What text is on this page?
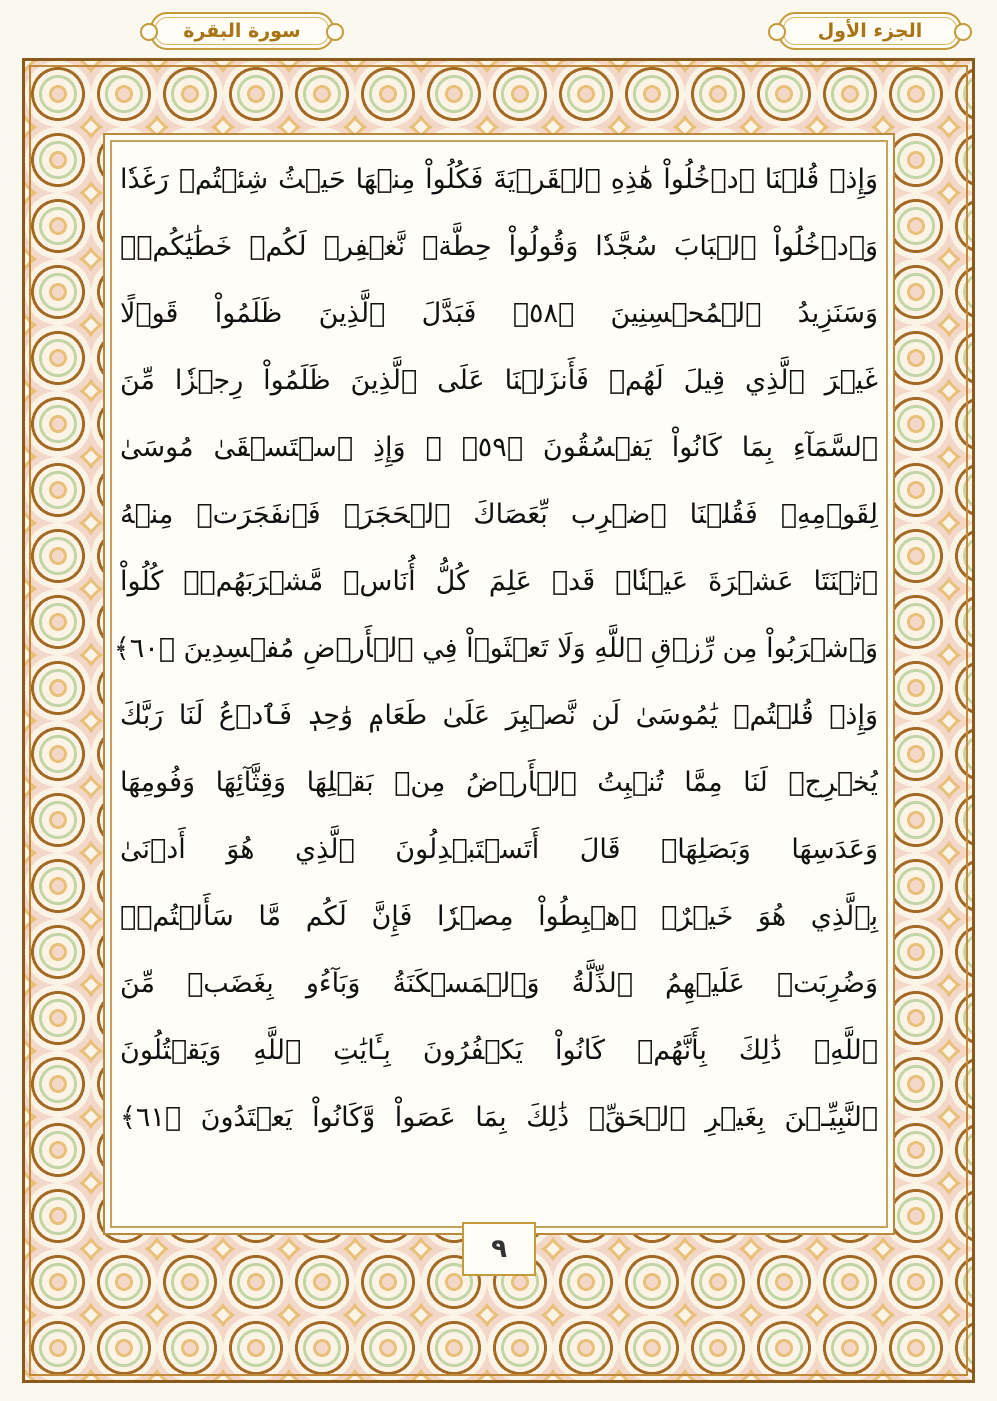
الجزء الأول
سورة البقرة
وَإِذۡ قُلۡنَا ٱدۡخُلُواْ هَٰذِهِ ٱلۡقَرۡيَةَ فَكُلُواْ مِنۡهَا حَيۡثُ شِئۡتُمۡ رَغَدٗا
وَٱدۡخُلُواْ ٱلۡبَابَ سُجَّدٗا وَقُولُواْ حِطَّةٞ نَّغۡفِرۡ لَكُمۡ خَطَٰيَٰكُمۡۚ
وَسَنَزِيدُ ٱلۡمُحۡسِنِينَ ﴿٥٨﴾ فَبَدَّلَ ٱلَّذِينَ ظَلَمُواْ قَوۡلًا
غَيۡرَ ٱلَّذِي قِيلَ لَهُمۡ فَأَنزَلۡنَا عَلَى ٱلَّذِينَ ظَلَمُواْ رِجۡزٗا مِّنَ
ٱلسَّمَآءِ بِمَا كَانُواْ يَفۡسُقُونَ ﴿٥٩﴾ ۞ وَإِذِ ٱسۡتَسۡقَىٰ مُوسَىٰ
لِقَوۡمِهِۦ فَقُلۡنَا ٱضۡرِب بِّعَصَاكَ ٱلۡحَجَرَۖ فَٱنفَجَرَتۡ مِنۡهُ
ٱثۡنَتَا عَشۡرَةَ عَيۡنٗاۖ قَدۡ عَلِمَ كُلُّ أُنَاسٖ مَّشۡرَبَهُمۡۖ كُلُواْ
وَٱشۡرَبُواْ مِن رِّزۡقِ ٱللَّهِ وَلَا تَعۡثَوۡاْ فِي ٱلۡأَرۡضِ مُفۡسِدِينَ ﴿٦٠﴾
وَإِذۡ قُلۡتُمۡ يَٰمُوسَىٰ لَن نَّصۡبِرَ عَلَىٰ طَعَامٖ وَٰحِدٖ فَٱدۡعُ لَنَا رَبَّكَ
يُخۡرِجۡ لَنَا مِمَّا تُنۢبِتُ ٱلۡأَرۡضُ مِنۢ بَقۡلِهَا وَقِثَّآئِهَا وَفُومِهَا
وَعَدَسِهَا وَبَصَلِهَاۖ قَالَ أَتَسۡتَبۡدِلُونَ ٱلَّذِي هُوَ أَدۡنَىٰ
بِٱلَّذِي هُوَ خَيۡرٌۚ ٱهۡبِطُواْ مِصۡرٗا فَإِنَّ لَكُم مَّا سَأَلۡتُمۡۗ
وَضُرِبَتۡ عَلَيۡهِمُ ٱلذِّلَّةُ وَٱلۡمَسۡكَنَةُ وَبَآءُو بِغَضَبٖ مِّنَ
ٱللَّهِۗ ذَٰلِكَ بِأَنَّهُمۡ كَانُواْ يَكۡفُرُونَ بِـَٔايَٰتِ ٱللَّهِ وَيَقۡتُلُونَ
ٱلنَّبِيِّـۧنَ بِغَيۡرِ ٱلۡحَقِّۗ ذَٰلِكَ بِمَا عَصَواْ وَّكَانُواْ يَعۡتَدُونَ ﴿٦١﴾
٩
